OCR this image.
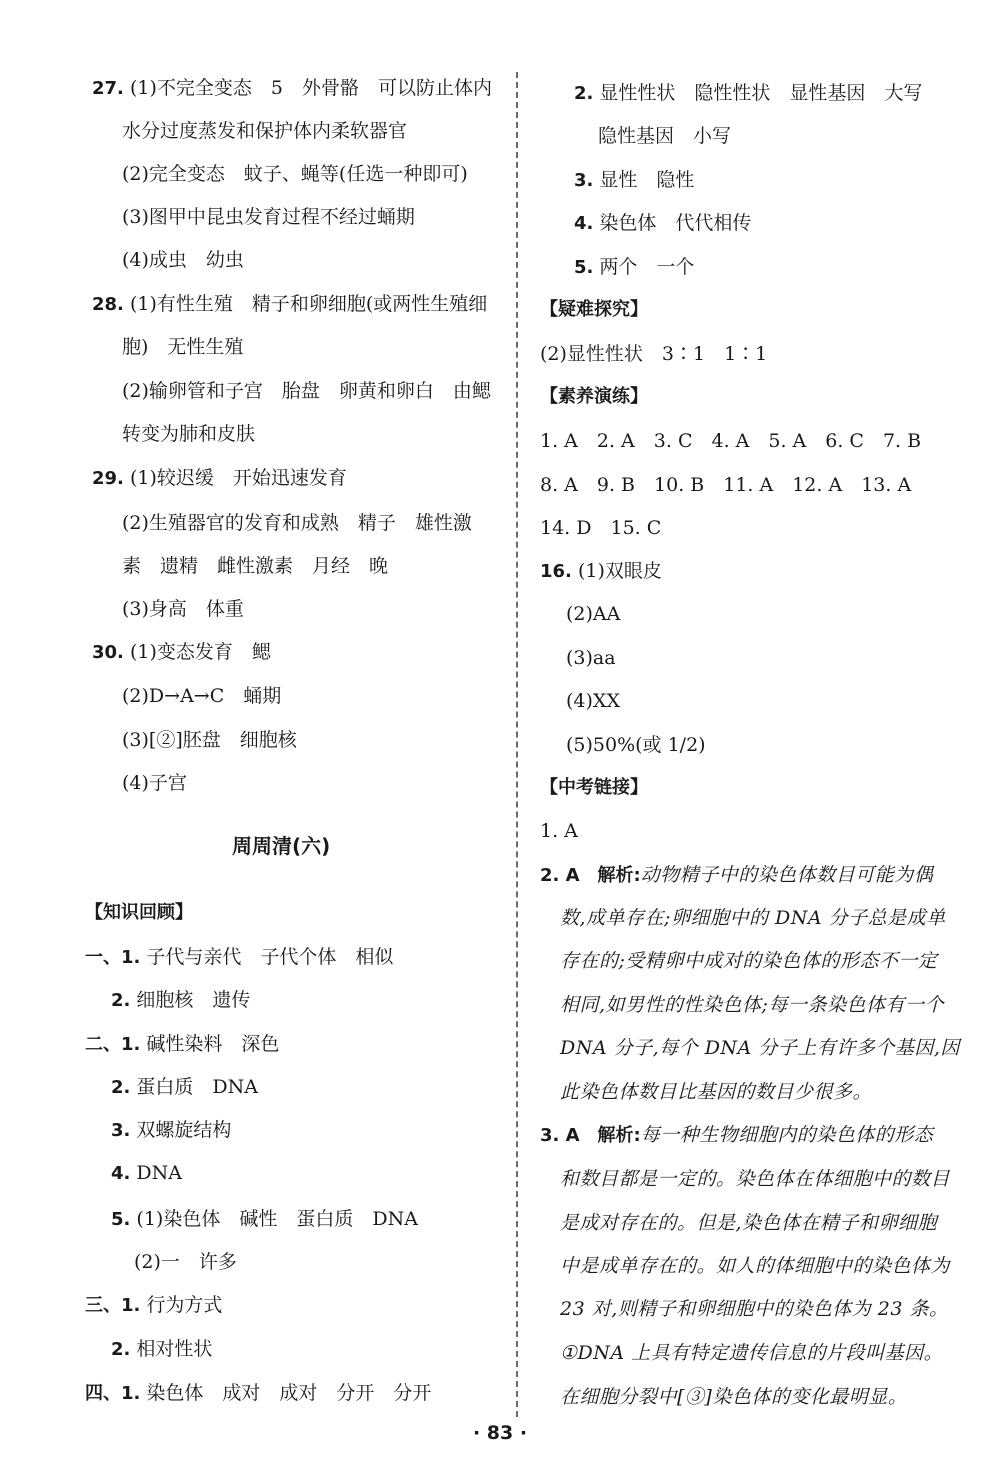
27. (1)不完全变态　5　外骨骼　可以防止体内
水分过度蒸发和保护体内柔软器官
(2)完全变态　蚊子、蝇等(任选一种即可)
(3)图甲中昆虫发育过程不经过蛹期
(4)成虫　幼虫
28. (1)有性生殖　精子和卵细胞(或两性生殖细
胞)　无性生殖
(2)输卵管和子宫　胎盘　卵黄和卵白　由鳃
转变为肺和皮肤
29. (1)较迟缓　开始迅速发育
(2)生殖器官的发育和成熟　精子　雄性激
素　遗精　雌性激素　月经　晚
(3)身高　体重
30. (1)变态发育　鳃
(2)D→A→C　蛹期
(3)[②]胚盘　细胞核
(4)子宫
周周清(六)
【知识回顾】
一、1. 子代与亲代　子代个体　相似
2. 细胞核　遗传
二、1. 碱性染料　深色
2. 蛋白质　DNA
3. 双螺旋结构
4. DNA
5. (1)染色体　碱性　蛋白质　DNA
(2)一　许多
三、1. 行为方式
2. 相对性状
四、1. 染色体　成对　成对　分开　分开
2. 显性性状　隐性性状　显性基因　大写
隐性基因　小写
3. 显性　隐性
4. 染色体　代代相传
5. 两个　一个
【疑难探究】
(2)显性性状　3∶1　1∶1
【素养演练】
1. A　2. A　3. C　4. A　5. A　6. C　7. B
8. A　9. B　10. B　11. A　12. A　13. A
14. D　15. C
16. (1)双眼皮
(2)AA
(3)aa
(4)XX
(5)50%(或 1/2)
【中考链接】
1. A
2. A　解析:动物精子中的染色体数目可能为偶
数,成单存在;卵细胞中的 DNA 分子总是成单
存在的;受精卵中成对的染色体的形态不一定
相同,如男性的性染色体;每一条染色体有一个
DNA 分子,每个 DNA 分子上有许多个基因,因
此染色体数目比基因的数目少很多。
3. A　解析:每一种生物细胞内的染色体的形态
和数目都是一定的。染色体在体细胞中的数目
是成对存在的。但是,染色体在精子和卵细胞
中是成单存在的。如人的体细胞中的染色体为
23 对,则精子和卵细胞中的染色体为 23 条。
①DNA 上具有特定遗传信息的片段叫基因。
在细胞分裂中[③]染色体的变化最明显。
· 83 ·
